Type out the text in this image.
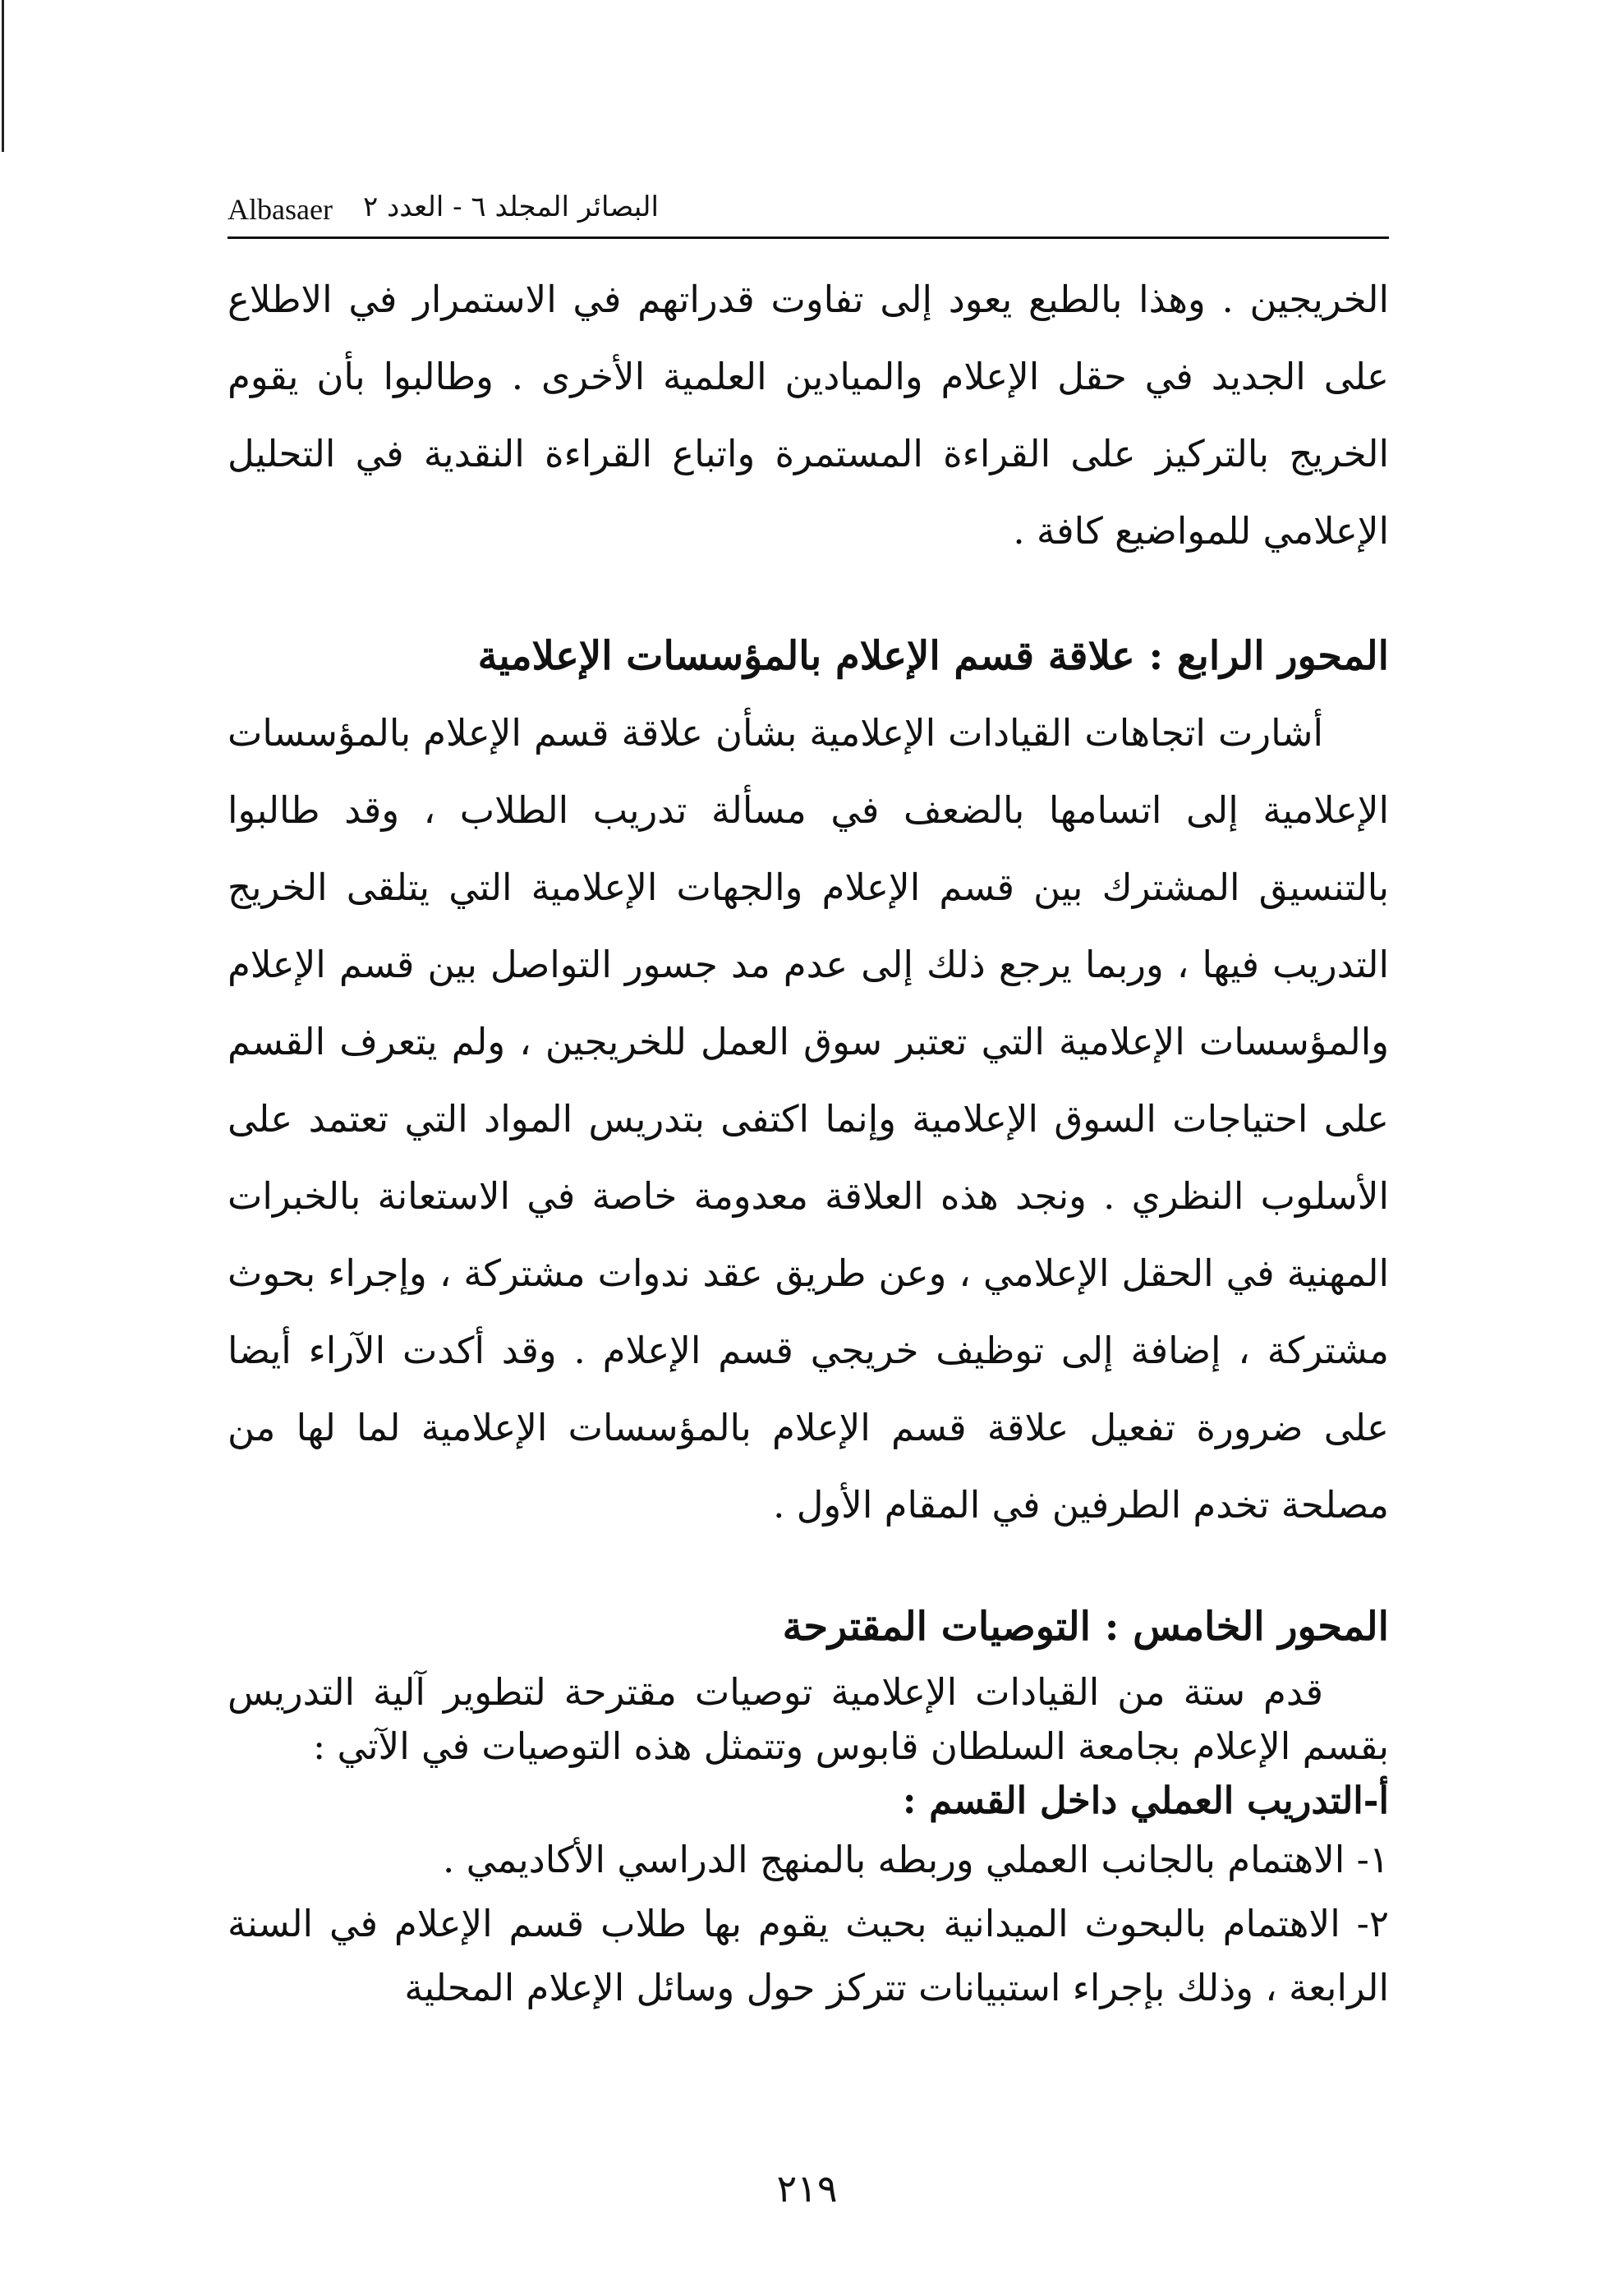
Albasaer البصائر المجلد ٦ - العدد ٢

الخريجين . وهذا بالطبع يعود إلى تفاوت قدراتهم في الاستمرار في الاطلاع على الجديد في حقل الإعلام والميادين العلمية الأخرى . وطالبوا بأن يقوم الخريج بالتركيز على القراءة المستمرة واتباع القراءة النقدية في التحليل الإعلامي للمواضيع كافة .

المحور الرابع : علاقة قسم الإعلام بالمؤسسات الإعلامية

أشارت اتجاهات القيادات الإعلامية بشأن علاقة قسم الإعلام بالمؤسسات الإعلامية إلى اتسامها بالضعف في مسألة تدريب الطلاب ، وقد طالبوا بالتنسيق المشترك بين قسم الإعلام والجهات الإعلامية التي يتلقى الخريج التدريب فيها ، وربما يرجع ذلك إلى عدم مد جسور التواصل بين قسم الإعلام والمؤسسات الإعلامية التي تعتبر سوق العمل للخريجين ، ولم يتعرف القسم على احتياجات السوق الإعلامية وإنما اكتفى بتدريس المواد التي تعتمد على الأسلوب النظري . ونجد هذه العلاقة معدومة خاصة في الاستعانة بالخبرات المهنية في الحقل الإعلامي ، وعن طريق عقد ندوات مشتركة ، وإجراء بحوث مشتركة ، إضافة إلى توظيف خريجي قسم الإعلام . وقد أكدت الآراء أيضا على ضرورة تفعيل علاقة قسم الإعلام بالمؤسسات الإعلامية لما لها من مصلحة تخدم الطرفين في المقام الأول .

المحور الخامس : التوصيات المقترحة

قدم ستة من القيادات الإعلامية توصيات مقترحة لتطوير آلية التدريس بقسم الإعلام بجامعة السلطان قابوس وتتمثل هذه التوصيات في الآتي :

أ-التدريب العملي داخل القسم :

١- الاهتمام بالجانب العملي وربطه بالمنهج الدراسي الأكاديمي .

٢- الاهتمام بالبحوث الميدانية بحيث يقوم بها طلاب قسم الإعلام في السنة الرابعة ، وذلك بإجراء استبيانات تتركز حول وسائل الإعلام المحلية

٢١٩
